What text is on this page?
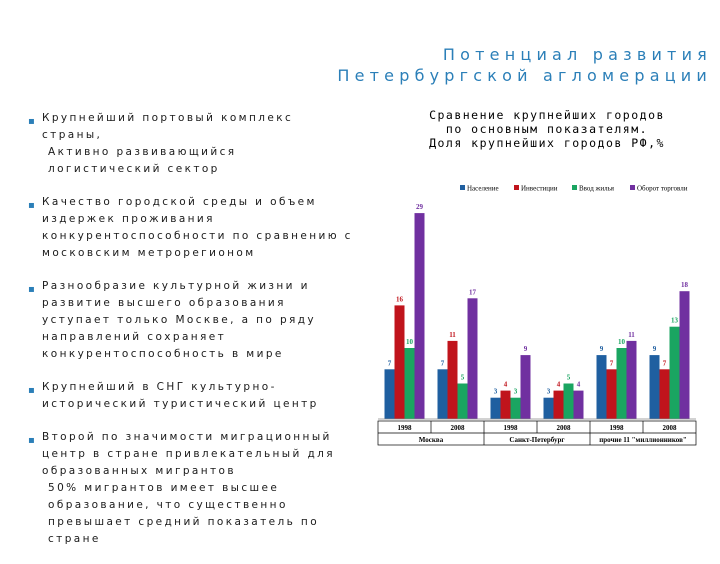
Потенциал развития
Петербургской агломерации
▪ Крупнейший портовый комплекс страны,
Активно развивающийся логистический сектор
▪ Качество городской среды и объем издержек проживания конкурентоспособности по сравнению с московским метрорегионом
▪ Разнообразие культурной жизни и развитие высшего образования уступает только Москве, а по ряду направлений сохраняет конкурентоспособность в мире
▪ Крупнейший в СНГ культурно-исторический туристический центр
▪ Второй по значимости миграционный центр в стране привлекательный для образованных мигрантов
50% мигрантов имеет высшее образование, что существенно превышает средний показатель по стране
Сравнение крупнейших городов
по основным показателям.
Доля крупнейших городов РФ,%
Население	Инвестиции	Ввод жилья	Оборот торговли
7
16
10
29
7
11
5
17
3
4
3
9
3
4
5
4
9
7
10
11
9
7
13
18
1998	2008	1998	2008	1998	2008
Москва	Санкт-Петербург	прочие 11 "миллионников"
